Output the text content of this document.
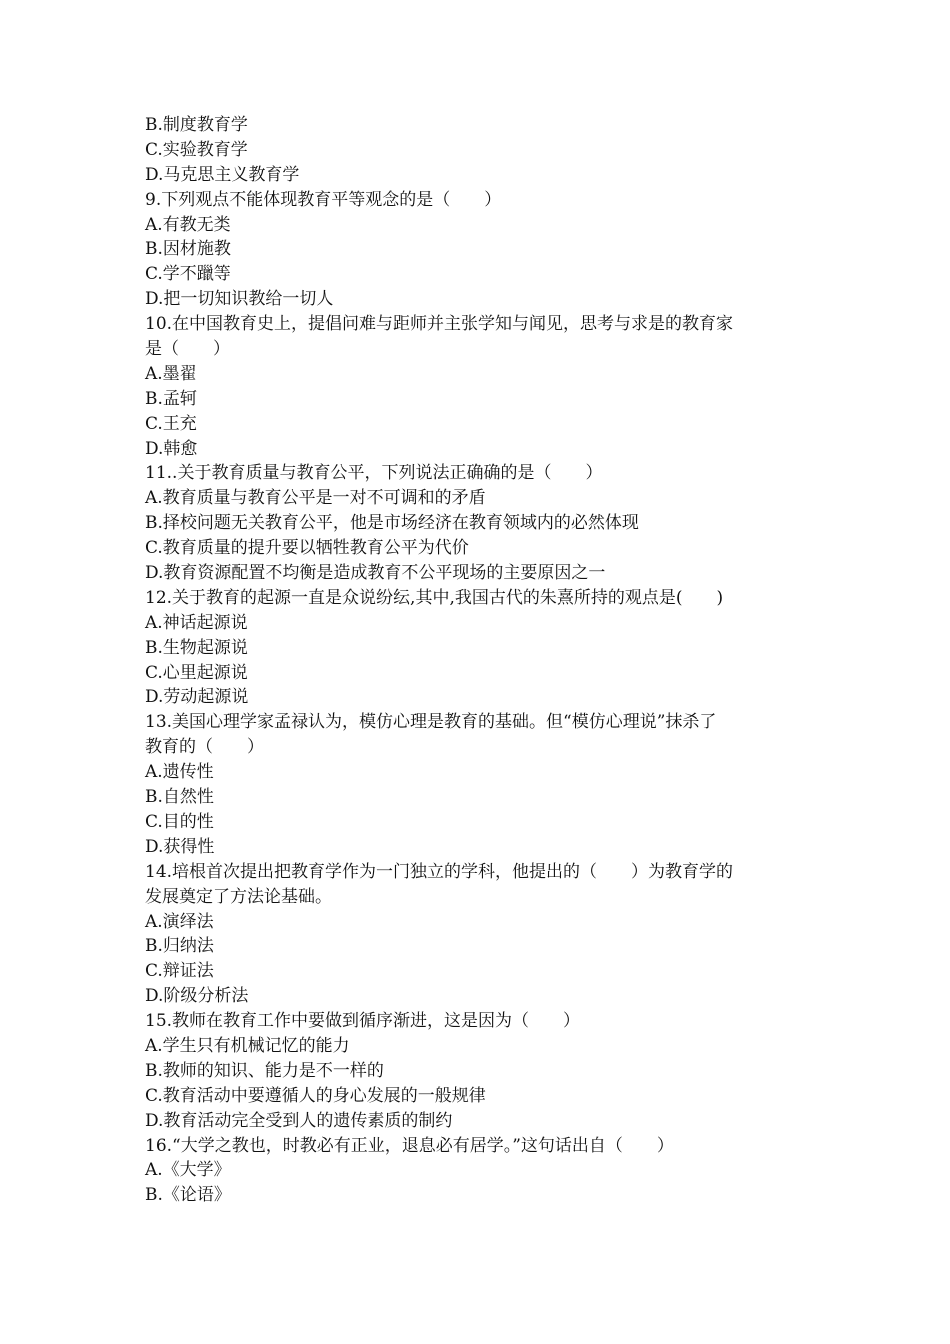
B.制度教育学
C.实验教育学
D.马克思主义教育学
9.下列观点不能体现教育平等观念的是（　　）
A.有教无类
B.因材施教
C.学不躐等
D.把一切知识教给一切人
10.在中国教育史上，提倡问难与距师并主张学知与闻见，思考与求是的教育家
是（　　）
A.墨翟
B.孟轲
C.王充
D.韩愈
11..关于教育质量与教育公平，下列说法正确确的是（　　）
A.教育质量与教育公平是一对不可调和的矛盾
B.择校问题无关教育公平，他是市场经济在教育领域内的必然体现
C.教育质量的提升要以牺牲教育公平为代价
D.教育资源配置不均衡是造成教育不公平现场的主要原因之一
12.关于教育的起源一直是众说纷纭,其中,我国古代的朱熹所持的观点是(　　)
A.神话起源说
B.生物起源说
C.心里起源说
D.劳动起源说
13.美国心理学家孟禄认为，模仿心理是教育的基础。但“模仿心理说”抹杀了
教育的（　　）
A.遗传性
B.自然性
C.目的性
D.获得性
14.培根首次提出把教育学作为一门独立的学科，他提出的（　　）为教育学的
发展奠定了方法论基础。
A.演绎法
B.归纳法
C.辩证法
D.阶级分析法
15.教师在教育工作中要做到循序渐进，这是因为（　　）
A.学生只有机械记忆的能力
B.教师的知识、能力是不一样的
C.教育活动中要遵循人的身心发展的一般规律
D.教育活动完全受到人的遗传素质的制约
16.“大学之教也，时教必有正业，退息必有居学。”这句话出自（　　）
A.《大学》
B.《论语》
